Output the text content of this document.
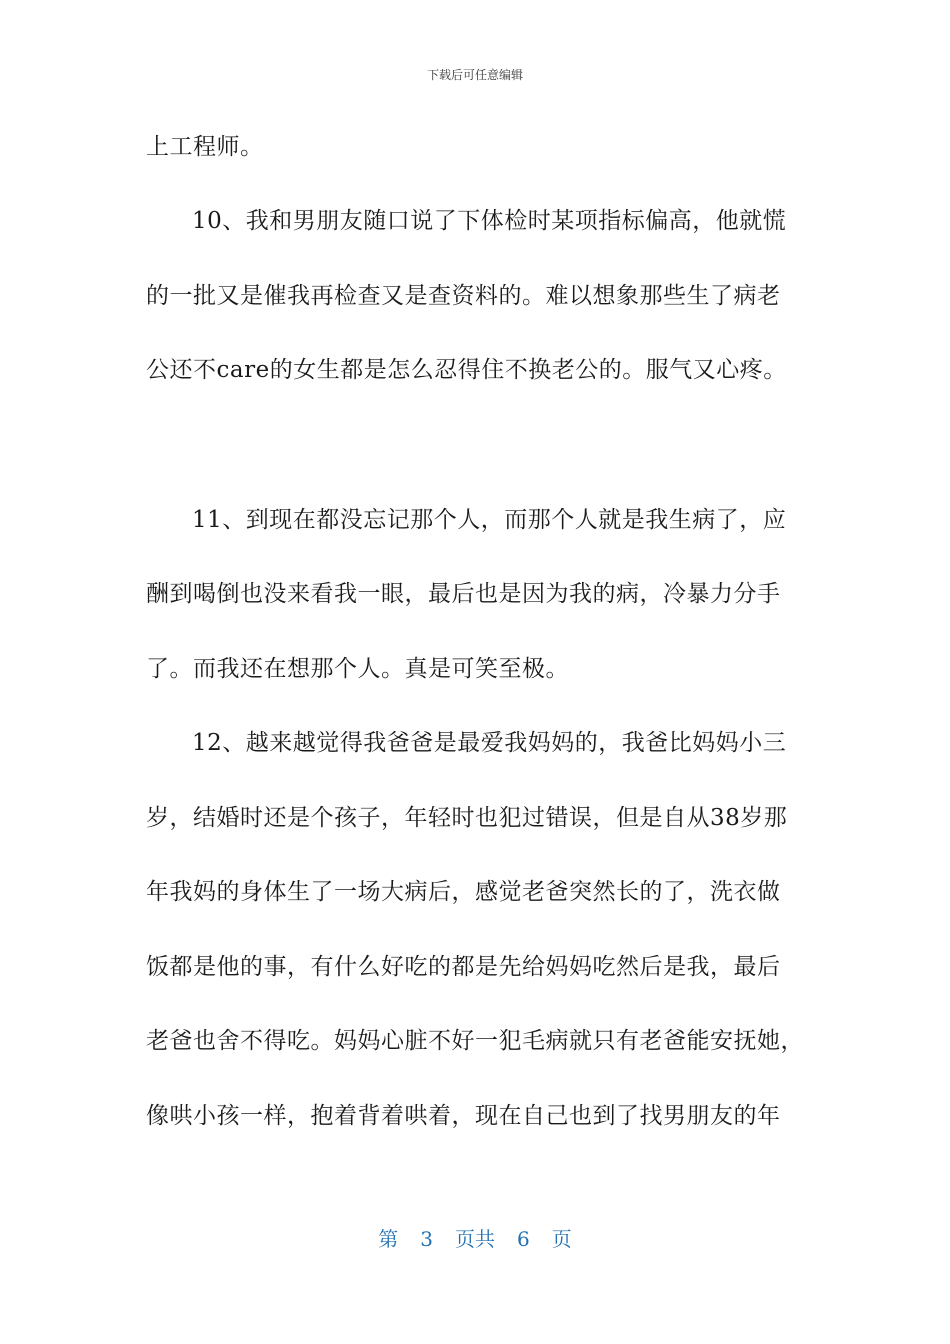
下载后可任意编辑
上工程师。
10、我和男朋友随口说了下体检时某项指标偏高，他就慌
的一批又是催我再检查又是查资料的。难以想象那些生了病老
公还不care的女生都是怎么忍得住不换老公的。服气又心疼。
11、到现在都没忘记那个人，而那个人就是我生病了，应
酬到喝倒也没来看我一眼，最后也是因为我的病，冷暴力分手
了。而我还在想那个人。真是可笑至极。
12、越来越觉得我爸爸是最爱我妈妈的，我爸比妈妈小三
岁，结婚时还是个孩子，年轻时也犯过错误，但是自从38岁那
年我妈的身体生了一场大病后，感觉老爸突然长的了，洗衣做
饭都是他的事，有什么好吃的都是先给妈妈吃然后是我，最后
老爸也舍不得吃。妈妈心脏不好一犯毛病就只有老爸能安抚她，
像哄小孩一样，抱着背着哄着，现在自己也到了找男朋友的年
第 3 页共 6 页
